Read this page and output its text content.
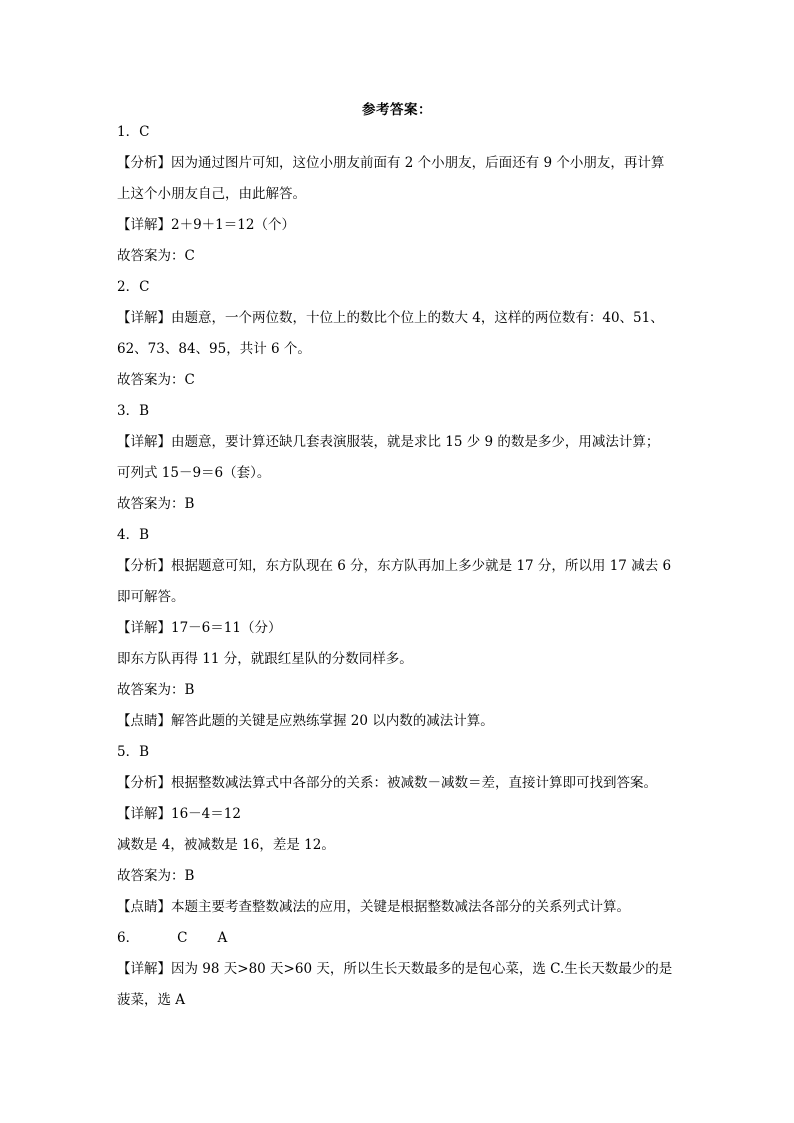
参考答案：
1．C
【分析】因为通过图片可知，这位小朋友前面有 2 个小朋友，后面还有 9 个小朋友，再计算
上这个小朋友自己，由此解答。
【详解】2＋9＋1＝12（个）
故答案为：C
2．C
【详解】由题意，一个两位数，十位上的数比个位上的数大 4，这样的两位数有：40、51、
62、73、84、95，共计 6 个。
故答案为：C
3．B
【详解】由题意，要计算还缺几套表演服装，就是求比 15 少 9 的数是多少，用减法计算；
可列式 15－9＝6（套）。
故答案为：B
4．B
【分析】根据题意可知，东方队现在 6 分，东方队再加上多少就是 17 分，所以用 17 减去 6
即可解答。
【详解】17－6＝11（分）
即东方队再得 11 分，就跟红星队的分数同样多。
故答案为：B
【点睛】解答此题的关键是应熟练掌握 20 以内数的减法计算。
5．B
【分析】根据整数减法算式中各部分的关系：被减数－减数＝差，直接计算即可找到答案。
【详解】16－4＝12
减数是 4，被减数是 16，差是 12。
故答案为：B
【点睛】本题主要考查整数减法的应用，关键是根据整数减法各部分的关系列式计算。
6．	C A
【详解】因为 98 天>80 天>60 天，所以生长天数最多的是包心菜，选 C.生长天数最少的是
菠菜，选 A
